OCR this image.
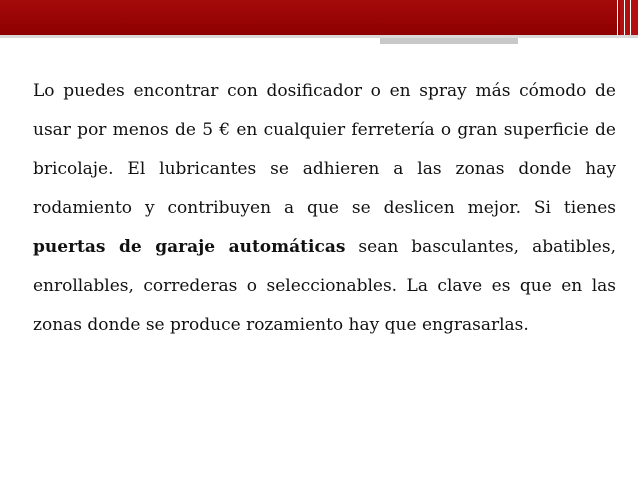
Lo puedes encontrar con dosificador o en spray más cómodo de usar por menos de 5 € en cualquier ferretería o gran superficie de bricolaje. El lubricantes se adhieren a las zonas donde hay rodamiento y contribuyen a que se deslicen mejor. Si tienes puertas de garaje automáticas sean basculantes, abatibles, enrollables, correderas o seleccionables. La clave es que en las zonas donde se produce rozamiento hay que engrasarlas.
